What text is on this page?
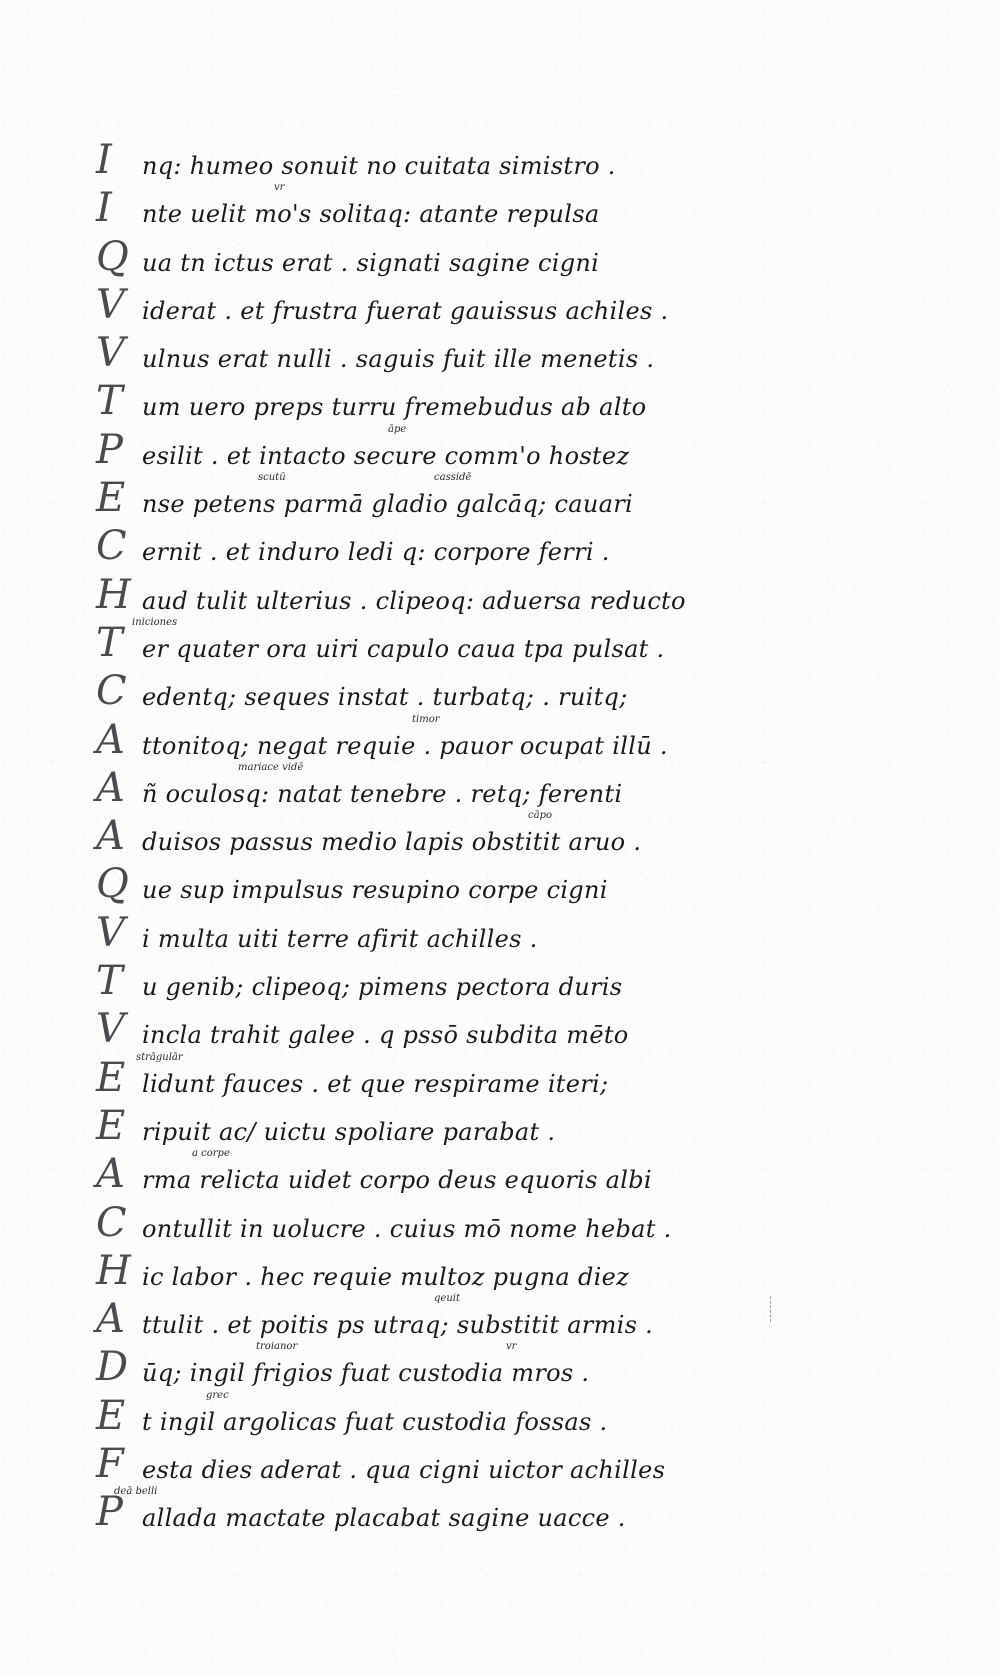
I	nq: humeo sonuit no cuitata simistro .
I	vr
nte uelit mo's solitaq: atante repulsa
Q ua tn ictus erat . signati sagine cigni
V iderat . et frustra fuerat gauissus achiles .
V ulnus erat nulli . saguis fuit ille menetis .
T um uero preps turru fremebudus ab alto
P	āpe
esilit . et intacto secure comm'o hostez
E	scutū	cassidē
nse petens parmā gladio galcāq; cauari
C ernit . et induro ledi q: corpore ferri .
H aud tulit ulterius . clipeoq: aduersa reducto
T iniciones
er quater ora uiri capulo caua tpa pulsat .
C edentq; seques instat . turbatq; . ruitq;
A	timor
ttonitoq; negat requie . pauor ocupat illū .
A	mariace vidē
ñ oculosq: natat tenebre . retq; ferenti
A	cāpo
duisos passus medio lapis obstitit aruo .
Q ue sup impulsus resupino corpe cigni
V i multa uiti terre afirit achilles .
T u genib; clipeoq; pimens pectora duris
V incla trahit galee . q pssō subdita mēto
E	strāgulār
lidunt fauces . et que respirame iteri;
E ripuit ac/ uictu spoliare parabat .
A	a corpe
rma relicta uidet corpo deus equoris albi
C ontullit in uolucre . cuius mō nome hebat .
H ic labor . hec requie multoz pugna diez
A	qeuit
ttulit . et poitis ps utraq; substitit armis .
D	troianor	vr
ūq; ingil frigios fuat custodia mros .
E	grec
t ingil argolicas fuat custodia fossas .
F esta dies aderat . qua cigni uictor achilles
P
deā belli
allada mactate placabat sagine uacce .
